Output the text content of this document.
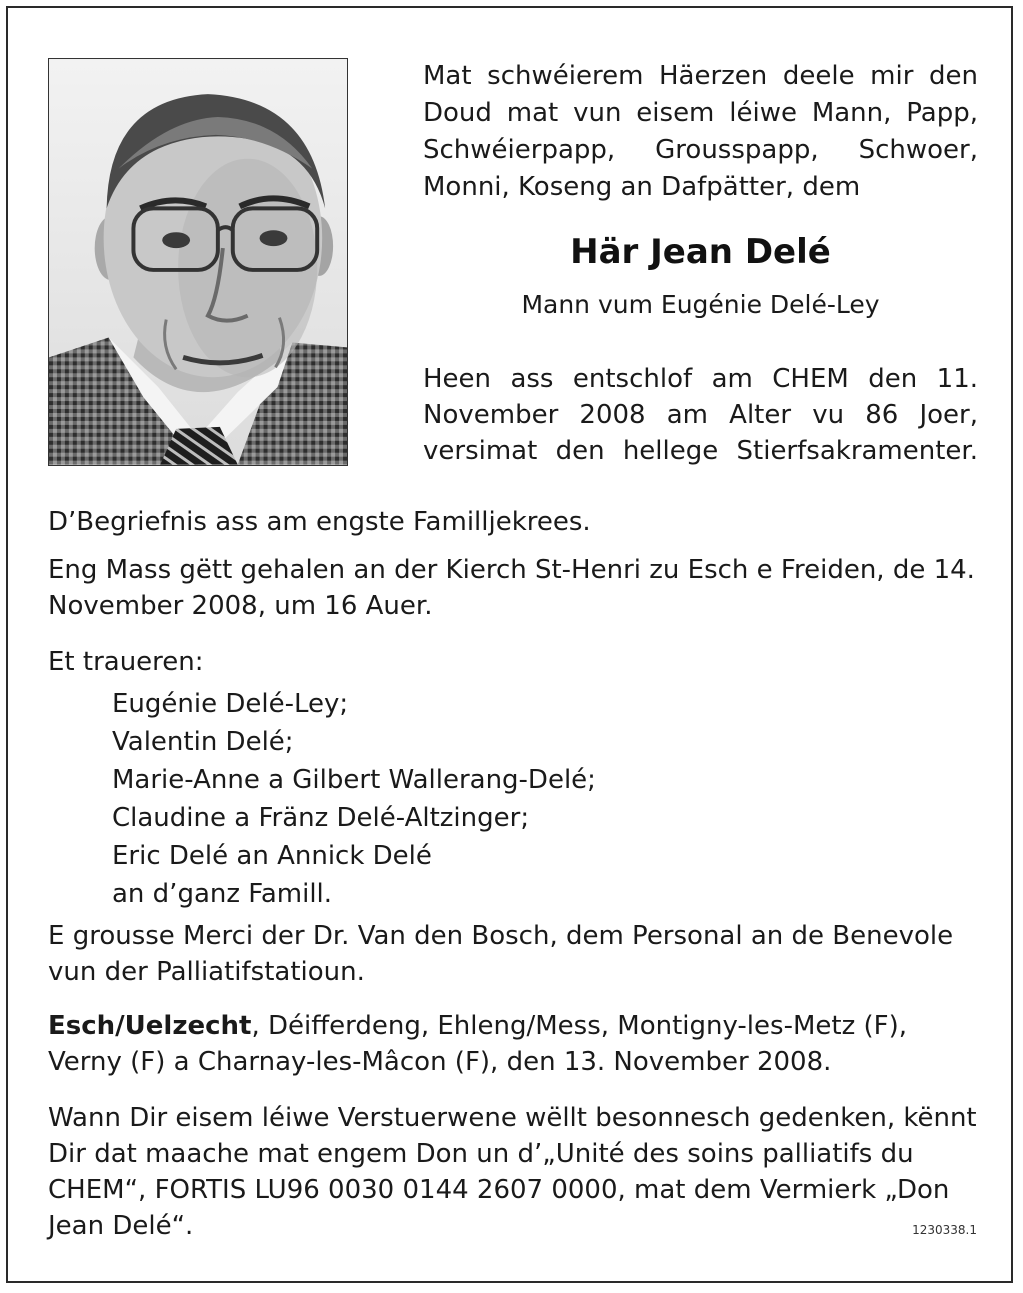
Mat schwéierem Häerzen deele mir den Doud mat vun eisem léiwe Mann, Papp, Schwéierpapp, Grousspapp, Schwoer, Monni, Koseng an Dafpätter, dem

Här Jean Delé
Mann vum Eugénie Delé-Ley
Heen ass entschlof am CHEM den 11.
November 2008 am Alter vu 86 Joer,
versimat den hellege Stierfsakramenter.

D’Begriefnis ass am engste Familljekrees.

Eng Mass gëtt gehalen an der Kierch St-Henri zu Esch e Freiden, de 14. November 2008, um 16 Auer.

Et traueren:

Eugénie Delé-Ley;
Valentin Delé;
Marie-Anne a Gilbert Wallerang-Delé;
Claudine a Fränz Delé-Altzinger;
Eric Delé an Annick Delé
an d’ganz Famill.

E grousse Merci der Dr. Van den Bosch, dem Personal an de Benevole vun der Palliatifstatioun.

Esch/Uelzecht, Déifferdeng, Ehleng/Mess, Montigny-les-Metz (F), Verny (F) a Charnay-les-Mâcon (F), den 13. November 2008.

Wann Dir eisem léiwe Verstuerwene wëllt besonnesch gedenken, kënnt Dir dat maache mat engem Don un d’„Unité des soins palliatifs du CHEM“, FORTIS LU96 0030 0144 2607 0000, mat dem Vermierk „Don Jean Delé“.	1230338.1
